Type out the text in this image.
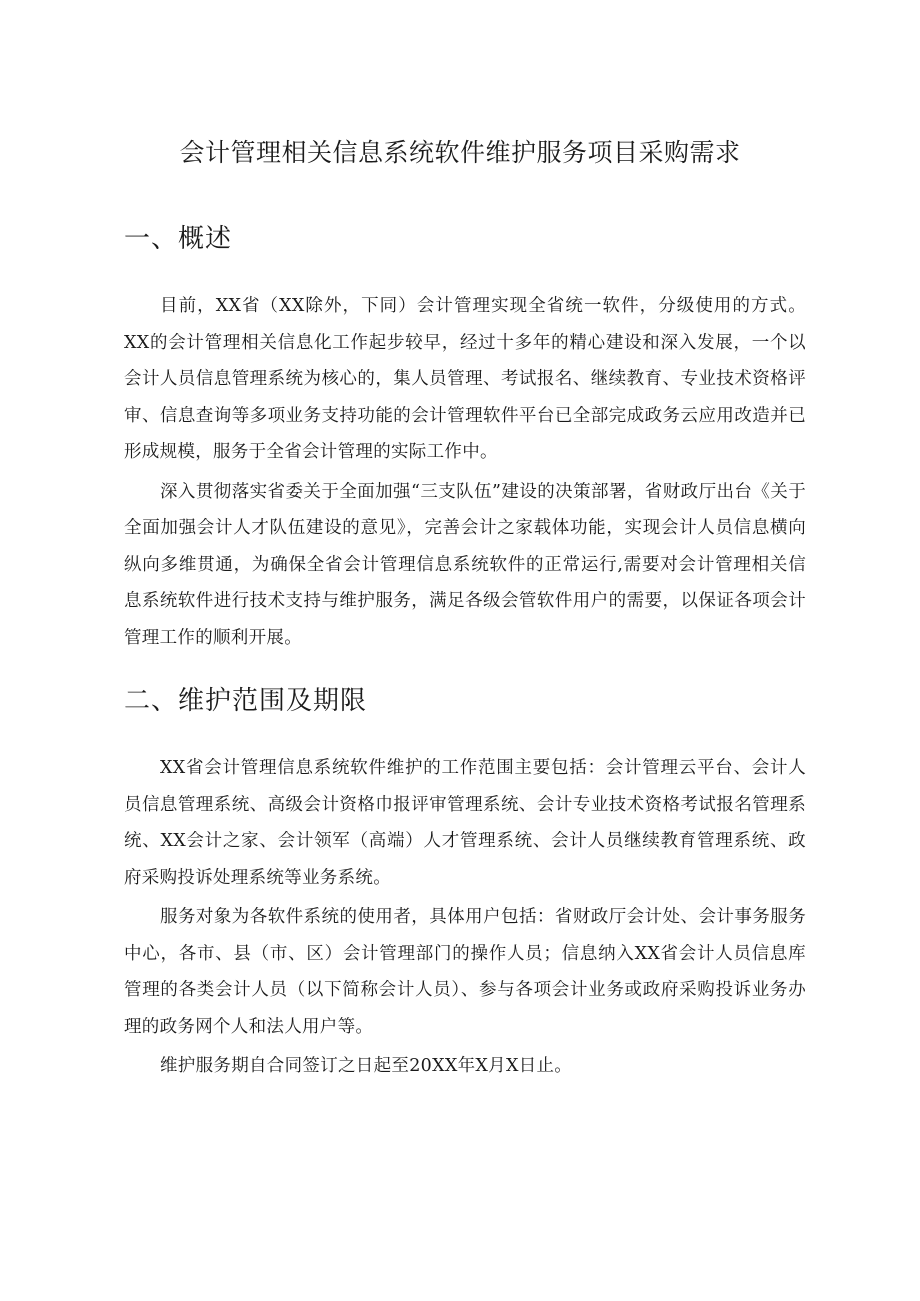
会计管理相关信息系统软件维护服务项目采购需求
一、概述

目前，XX省（XX除外，下同）会计管理实现全省统一软件，分级使用的方式。XX的会计管理相关信息化工作起步较早，经过十多年的精心建设和深入发展，一个以会计人员信息管理系统为核心的，集人员管理、考试报名、继续教育、专业技术资格评审、信息查询等多项业务支持功能的会计管理软件平台已全部完成政务云应用改造并已形成规模，服务于全省会计管理的实际工作中。

深入贯彻落实省委关于全面加强“三支队伍”建设的决策部署，省财政厅出台《关于全面加强会计人才队伍建设的意见》，完善会计之家载体功能，实现会计人员信息横向纵向多维贯通，为确保全省会计管理信息系统软件的正常运行,需要对会计管理相关信息系统软件进行技术支持与维护服务，满足各级会管软件用户的需要，以保证各项会计管理工作的顺利开展。

二、维护范围及期限

XX省会计管理信息系统软件维护的工作范围主要包括：会计管理云平台、会计人员信息管理系统、高级会计资格巾报评审管理系统、会计专业技术资格考试报名管理系统、XX会计之家、会计领军（高端）人才管理系统、会计人员继续教育管理系统、政府采购投诉处理系统等业务系统。

服务对象为各软件系统的使用者，具体用户包括：省财政厅会计处、会计事务服务中心，各市、县（市、区）会计管理部门的操作人员；信息纳入XX省会计人员信息库管理的各类会计人员（以下简称会计人员）、参与各项会计业务或政府采购投诉业务办理的政务网个人和法人用户等。

维护服务期自合同签订之日起至20XX年X月X日止。
